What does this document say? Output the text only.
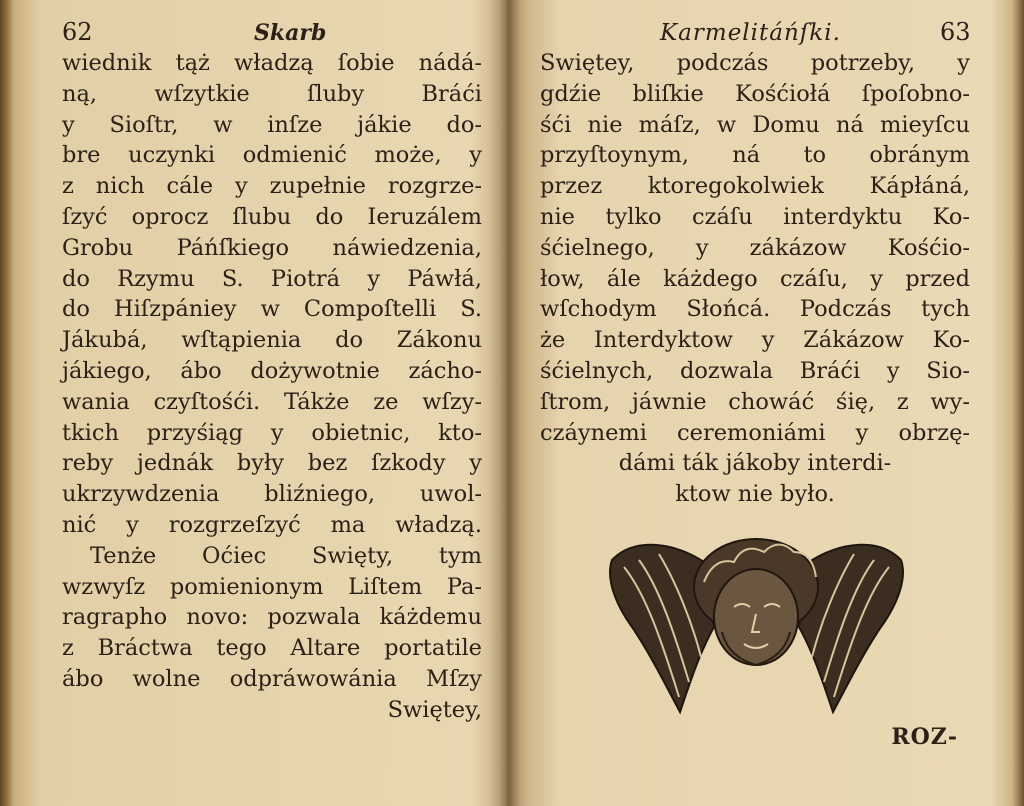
62	Skarb
wiednik tąż władzą ſobie nádá-
ną, wſzytkie ſluby Bráći
y Sioſtr, w inſze jákie do-
bre uczynki odmienić może, y
z nich cále y zupełnie rozgrze-
ſzyć oprocz ſlubu do Ieruzálem
Grobu Páńſkiego náwiedzenia,
do Rzymu S. Piotrá y Páwłá,
do Hiſzpániey w Compoſtelli S.
Jákubá, wſtąpienia do Zákonu
jákiego, ábo dożywotnie zácho-
wania czyſtośći. Tákże ze wſzy-
tkich przyśiąg y obietnic, kto-
reby jednák były bez ſzkody y
ukrzywdzenia bliźniego, uwol-
nić y rozgrzeſzyć ma władzą.
Tenże Oćiec Swięty, tym
wzwyſz pomienionym Liſtem Pa-
ragrapho novo: pozwala káżdemu
z Bráctwa tego Altare portatile
ábo wolne odpráwowánia Mſzy
Swiętey,
Karmelitáńſki.	63
Swiętey, podczás potrzeby, y
gdźie bliſkie Kośćiołá ſpoſobno-
śći nie máſz, w Domu ná mieyſcu
przyſtoynym, ná to obránym
przez ktoregokolwiek Kápłáná,
nie tylko czáſu interdyktu Ko-
śćielnego, y zákázow Kośćio-
łow, ále káżdego czáſu, y przed
wſchodym Słońcá. Podczás tych
że Interdyktow y Zákázow Ko-
śćielnych, dozwala Bráći y Sio-
ſtrom, jáwnie chowáć śię, z wy-
czáynemi ceremoniámi y obrzę-
dámi ták jákoby interdi-
ktow nie było.
ROZ-
